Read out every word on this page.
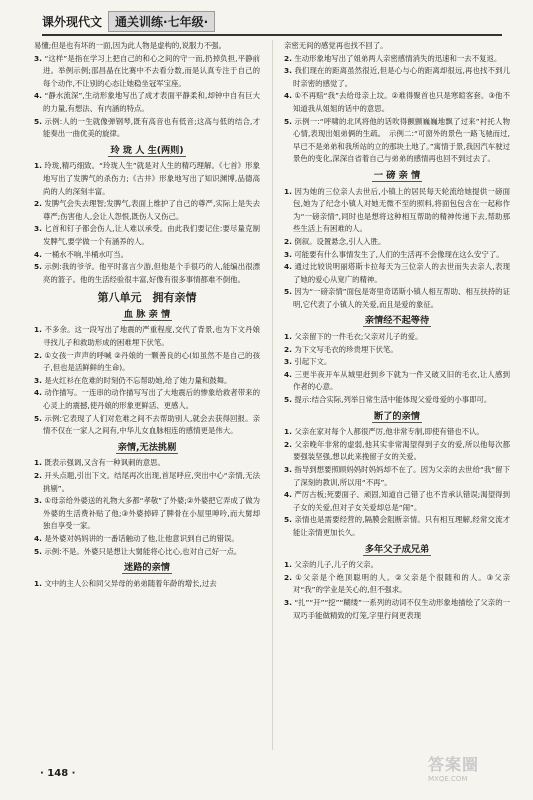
课外现代文	通关训练·七年级·

易懂;但是也有坏的一面,因为此人物是虚构的,说服力不强。

3. “这样”是指在学习上把自己的和心之间的守一而,扔掉负担,平静前进。举例示例;邵昌晶在比赛中不去看分数,而是认真专注于自己的每个动作,不让别的心态让她稳坐冠军宝座。

4. “静水流深”,生动形象地写出了成才表面平静柔和,却钟中自有巨大的力量,有想法、有内涵的特点。

5. 示例:人的一生就像弹钢琴,既有高音也有低音;这高与低的结合,才能奏出一曲优美的旋律。

玲 珑 人 生(两则)

1. 玲珑,精巧细致。“玲珑人生”就是对人生的精巧理解。《七首》形象地写出了发脾气的杀伤力;《古井》形象地写出了知识渊博,品德高尚的人的深刻丰富。

2. 发脾气会失去理智;发脾气,表面上维护了自己的尊严,实际上是失去尊严;伤害他人,会让人怨恨,既伤人又伤己。

3. 匕首和钉子都会伤人,让人难以承受。由此我们要记住:要尽量克制发脾气,要学做一个有涵养的人。

4. 一桶水不响,半桶水叮当。

5. 示例:我的爷爷。他平时喜言少游,但他是个手很巧的人,能编出很漂亮的篮子。他的生活经验很丰富,好像有很多事情都难不倒他。

第八单元　拥有亲情
血 脉 亲 情

1. 不多余。这一段写出了地震的严重程度,交代了背景,也为下文丹娘寻找儿子和救助形成的困难埋下伏笔。

2. ①女孩一声声的呼喊 ②丹娘的一颗善良的心(如虽然不是自己的孩子,但也是活鲜鲜的生命)。

3. 是火红衫在危难的时刻仍不忘帮助她,给了她力量和鼓舞。

4. 动作描写。一连串的动作描写写出了大地震后的惨象给救者带来的心灵上的震撼,使丹娘的形象更鲜活、更感人。

5. 示例:它表现了人们对危难之间不去帮助别人,就会去获得回报。亲情不仅在一家人之间有,中华儿女血脉相连的感情更是伟大。

亲情,无法挑剔

1. 既表示强调,又含有一种讽刺的意思。

2. 开头点题,引出下文。结尾再次出现,首尾呼应,突出中心“亲情,无法挑剔”。

3. ①母亲给外婆送的礼物大多都“孝敬”了外婆;②外婆把它弄成了做为外婆的生活费补贴了他;③外婆掉碎了脾骨在小屋里呻吟,而大舅却独自享受一家。

4. 是外婆对妈妈讲的一番话触动了他,让他意识到自己的错误。

5. 示例:不是。外婆只是想让大舅能将心比心,也对自己好一点。

迷路的亲情

1. 文中的主人公和同父异母的弟弟随着年龄的增长,过去

亲密无间的感觉再也找不回了。

2. 生动形象地写出了姐弟两人亲密感情消失的迅速和一去不复返。

3. 我们现在的距离虽然很近,但是心与心的距离却很远,再也找不到儿时亲密的感觉了。

4. ①不再赔“我”去给母亲上坟。②难得聚首也只是寒暄客套。③他不知道我从姐姐的话中的意思。

5. 示例一:“呼啸的北风将他的话吹得颤颤巍巍地飘了过来”衬托人物心情,表现出姐弟俩的生疏。　示例二:“可窗外的景色一路飞驰而过,早已不是弟弟和我所站的立的那块土地了。”寓情于景,我因汽车驶过景色的变化,深深自省着自己与弟弟的感情再也回不到过去了。

一 磅 亲 情

1. 因为她的三位亲人去世后,小镇上的居民每天轮流给她提供一磅面包,她为了纪念小镇人对她无微不至的照料,将面包包含在一起称作为“一磅亲情”,同时也是想将这种相互帮助的精神传递下去,帮助那些生活上有困难的人。

2. 倒叙。设置悬念,引人入胜。

3. 可能要有什么事情发生了,人们的生活再不会像现在这么安宁了。

4. 通过比较说明丽塔斯卡拉每天为三位亲人的去世而失去亲人,表现了她的爱心从宽广的精神。

5. 因为“一磅亲情”面包是寄里奇诺斯小镇人相互帮助、相互扶持的证明,它代表了小镇人的关爱,而且是爱的象征。

亲情经不起等待

1. 父亲留下的一件毛衣;父亲对儿子的爱。

2. 为下文写毛衣的珍贵埋下伏笔。

3. 引起下文。

4. 三更半夜开车从城里赶到乡下就为一件又破又旧的毛衣,让人感到作者的心意。

5. 提示:结合实际,列举日常生活中能体现父爱母爱的小事即可。

断了的亲情

1. 父亲在家对每个人都很严厉,他非常专制,即使有错也不认。

2. 父亲晚年非常的虚弱,他其实非常渴望得到子女的爱,所以他每次都要强装坚强,想以此来挽留子女的关爱。

3. 指导到想要照顾妈妈时妈妈却不在了。因为父亲的去世给“我”留下了深刻的教训,所以用“不再”。

4. 严厉古板;死要面子、顽固,知道自己错了也不肯承认错误;渴望得到子女的关爱,但对子女关爱却总是“闹”。

5. 亲情也是需要经营的,隔膜会阻断亲情。只有相互理解,经常交流才能让亲情更加长久。

多年父子成兄弟

1. 父亲的儿子,儿子的父亲。

2. ①父亲是个绝顶聪明的人。②父亲是个很随和的人。③父亲对“我”的学业是关心的,但不强求。

3. “扎”“开”“挖”“糊缕”一系列的动词不仅生动形象地描绘了父亲的一双巧手能做精致的灯笼,字里行间更表现

· 148 ·	答案圈
MXQE.COM
